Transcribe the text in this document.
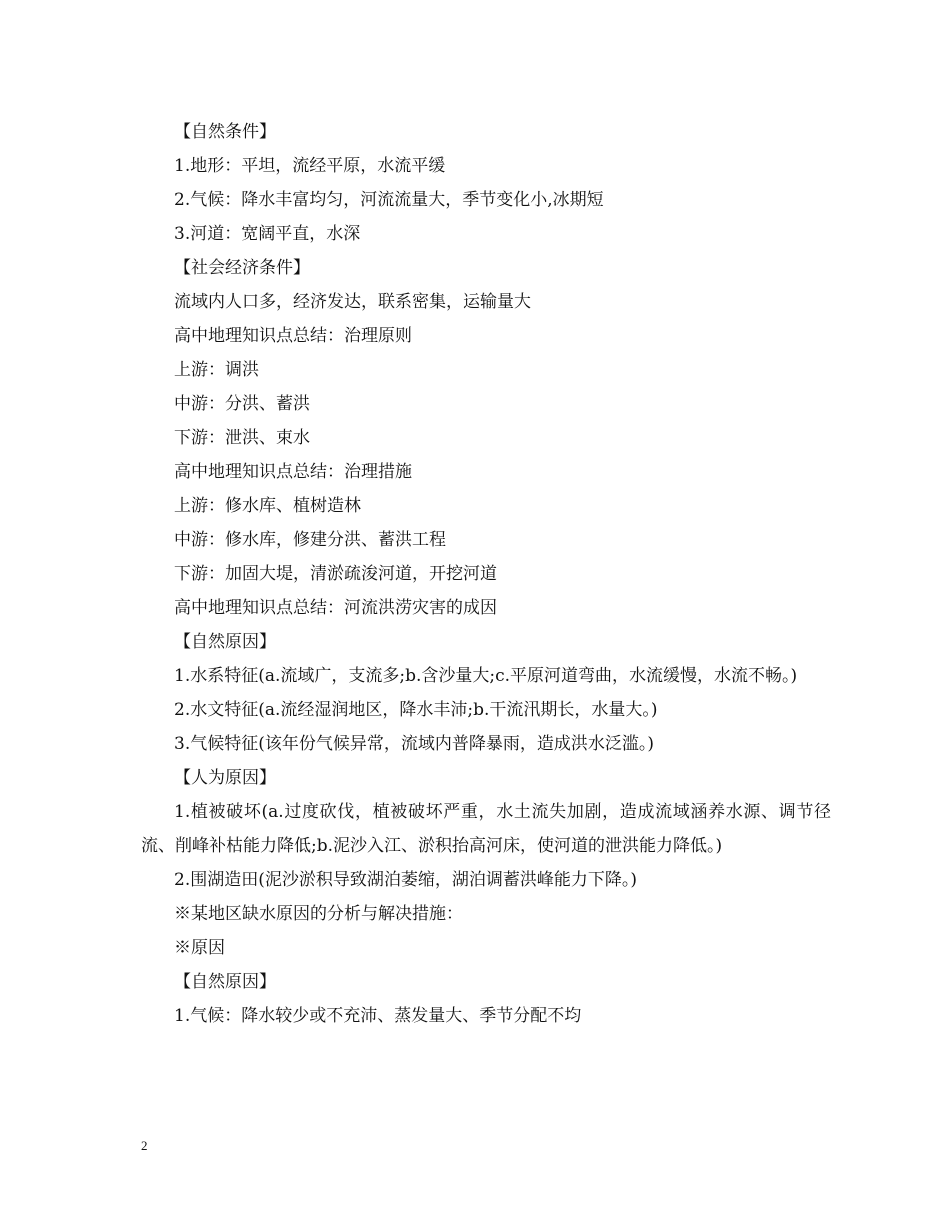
【自然条件】
1.地形：平坦，流经平原，水流平缓
2.气候：降水丰富均匀，河流流量大，季节变化小,冰期短
3.河道：宽阔平直，水深
【社会经济条件】
流域内人口多，经济发达，联系密集，运输量大
高中地理知识点总结：治理原则
上游：调洪
中游：分洪、蓄洪
下游：泄洪、束水
高中地理知识点总结：治理措施
上游：修水库、植树造林
中游：修水库，修建分洪、蓄洪工程
下游：加固大堤，清淤疏浚河道，开挖河道
高中地理知识点总结：河流洪涝灾害的成因
【自然原因】
1.水系特征(a.流域广，支流多;b.含沙量大;c.平原河道弯曲，水流缓慢，水流不畅。)
2.水文特征(a.流经湿润地区，降水丰沛;b.干流汛期长，水量大。)
3.气候特征(该年份气候异常，流域内普降暴雨，造成洪水泛滥。)
【人为原因】
1.植被破坏(a.过度砍伐，植被破坏严重，水土流失加剧，造成流域涵养水源、调节径流、削峰补枯能力降低;b.泥沙入江、淤积抬高河床，使河道的泄洪能力降低。)
2.围湖造田(泥沙淤积导致湖泊萎缩，湖泊调蓄洪峰能力下降。)
※某地区缺水原因的分析与解决措施：
※原因
【自然原因】
1.气候：降水较少或不充沛、蒸发量大、季节分配不均
2
